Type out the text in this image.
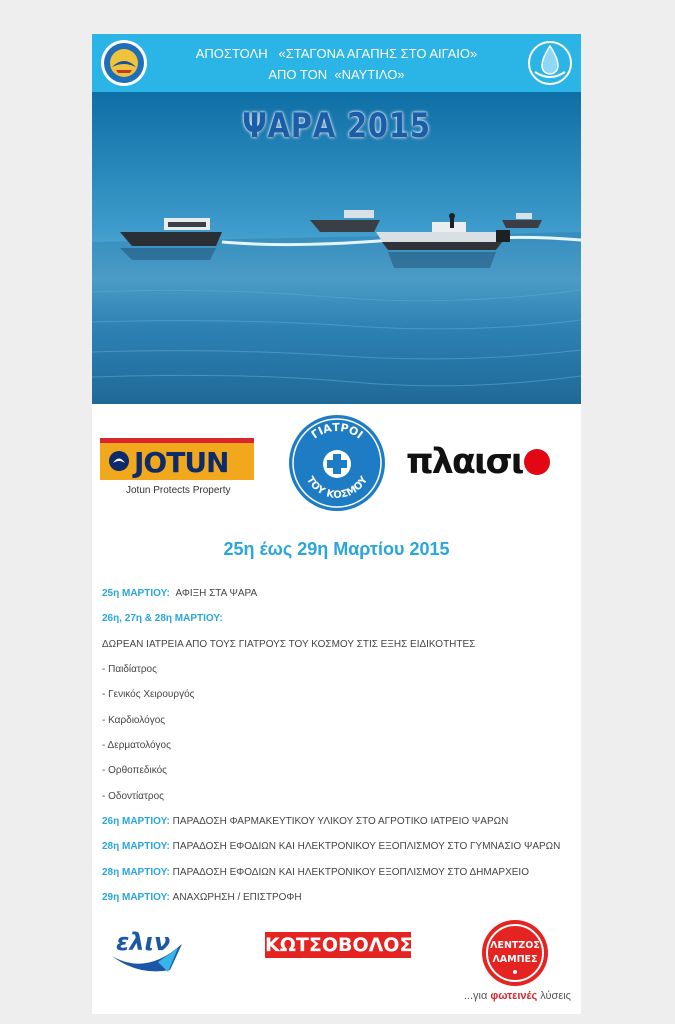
ΑΠΟΣΤΟΛΗ «ΣΤΑΓΟΝΑ ΑΓΑΠΗΣ ΣΤΟ ΑΙΓΑΙΟ»
ΑΠΟ ΤΟΝ «ΝΑΥΤΙΛΟ»
ΨΑΡΑ 2015
JOTUN
Jotun Protects Property
ΓΙΑΤΡΟΙ
ΤΟΥ ΚΟΣΜΟΥ πλαισι
25η έως 29η Μαρτίου 2015
25η ΜΑΡΤΙΟΥ: ΑΦΙΞΗ ΣΤΑ ΨΑΡΑ
26η, 27η & 28η ΜΑΡΤΙΟΥ:
ΔΩΡΕΑΝ ΙΑΤΡΕΙΑ ΑΠΟ ΤΟΥΣ ΓΙΑΤΡΟΥΣ ΤΟΥ ΚΟΣΜΟΥ ΣΤΙΣ ΕΞΗΣ ΕΙΔΙΚΟΤΗΤΕΣ
- Παιδίατρος
- Γενικός Χειρουργός
- Καρδιολόγος
- Δερματολόγος
- Ορθοπεδικός
- Οδοντίατρος
26η ΜΑΡΤΙΟΥ: ΠΑΡΑΔΟΣΗ ΦΑΡΜΑΚΕΥΤΙΚΟΥ ΥΛΙΚΟΥ ΣΤΟ ΑΓΡΟΤΙΚΟ ΙΑΤΡΕΙΟ ΨΑΡΩΝ
28η ΜΑΡΤΙΟΥ: ΠΑΡΑΔΟΣΗ ΕΦΟΔΙΩΝ ΚΑΙ ΗΛΕΚΤΡΟΝΙΚΟΥ ΕΞΟΠΛΙΣΜΟΥ ΣΤΟ ΓΥΜΝΑΣΙΟ ΨΑΡΩΝ
28η ΜΑΡΤΙΟΥ: ΠΑΡΑΔΟΣΗ ΕΦΟΔΙΩΝ ΚΑΙ ΗΛΕΚΤΡΟΝΙΚΟΥ ΕΞΟΠΛΙΣΜΟΥ ΣΤΟ ΔΗΜΑΡΧΕΙΟ
29η ΜΑΡΤΙΟΥ: ΑΝΑΧΩΡΗΣΗ / ΕΠΙΣΤΡΟΦΗ
ελιν	ΚΩΤΣΟΒΟΛΟΣ	ΛΕΝΤΖΟΣ
ΛΑΜΠΕΣ
...για φωτεινές λύσεις
